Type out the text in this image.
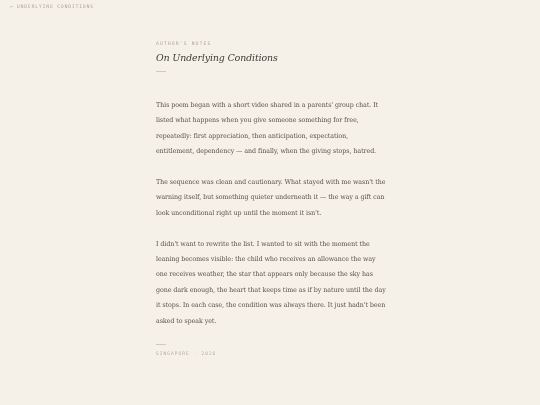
← UNDERLYING CONDITIONS

AUTHOR'S NOTES

On Underlying Conditions

This poem began with a short video shared in a parents' group chat. It listed what happens when you give someone something for free, repeatedly: first appreciation, then anticipation, expectation, entitlement, dependency — and finally, when the giving stops, hatred.

The sequence was clean and cautionary. What stayed with me wasn't the warning itself, but something quieter underneath it — the way a gift can look unconditional right up until the moment it isn't.

I didn't want to rewrite the list. I wanted to sit with the moment the leaning becomes visible: the child who receives an allowance the way one receives weather, the star that appears only because the sky has gone dark enough, the heart that keeps time as if by nature until the day it stops. In each case, the condition was always there. It just hadn't been asked to speak yet.

SINGAPORE · 2026
